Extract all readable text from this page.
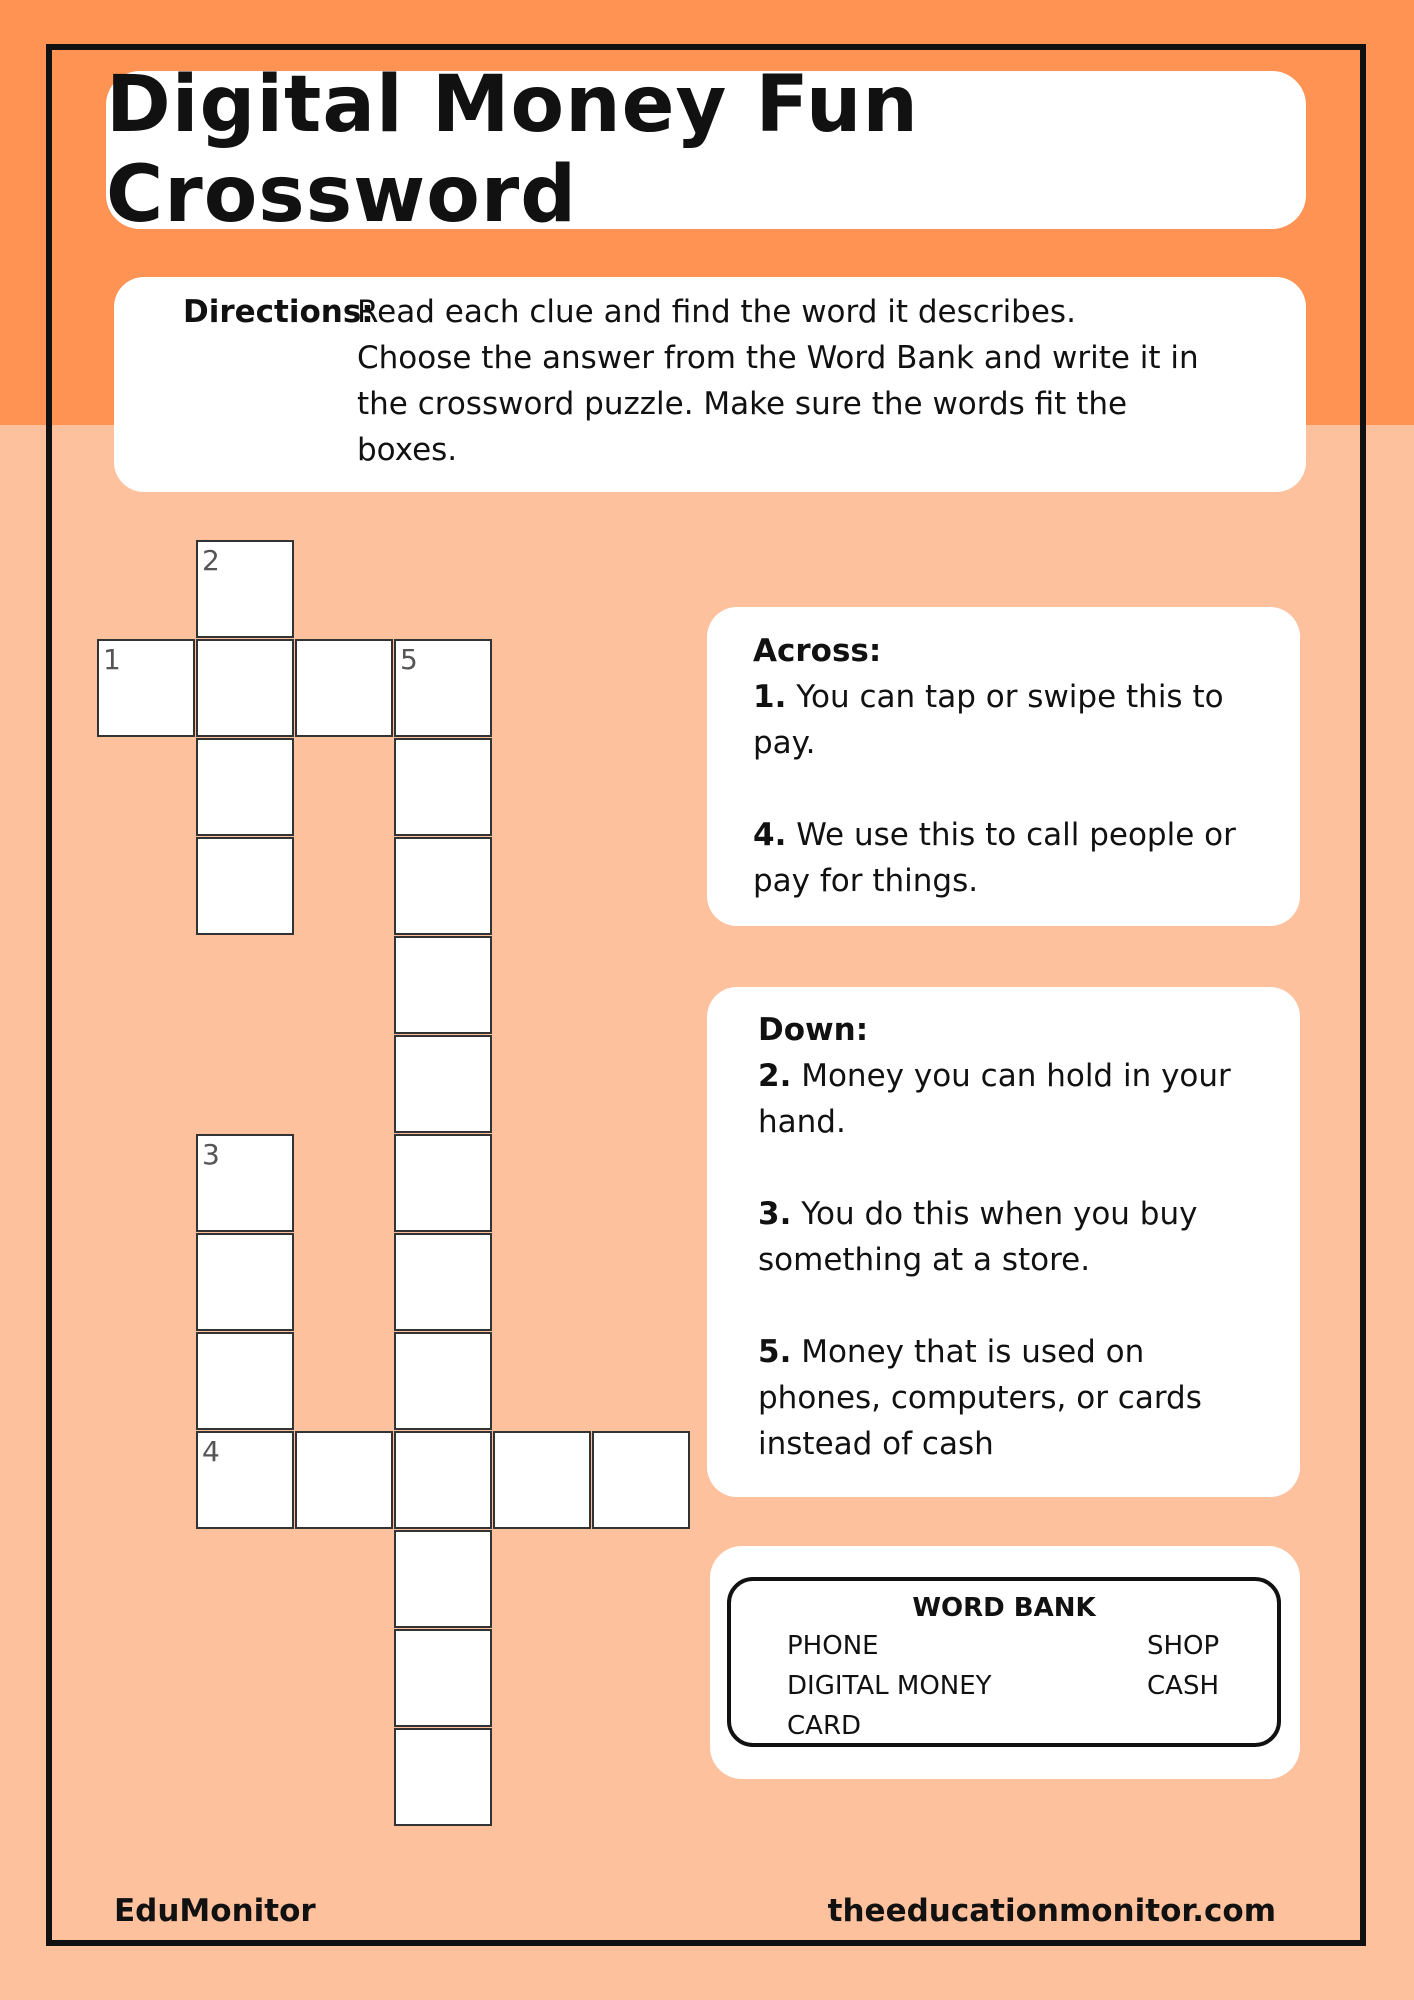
Digital Money Fun Crossword
Directions:
Read each clue and find the word it describes.
Choose the answer from the Word Bank and write it in
the crossword puzzle. Make sure the words fit the
boxes.
2
1	5
3
4

Across:

1. You can tap or swipe this to

pay.

4. We use this to call people or

pay for things.

Down:

2. Money you can hold in your

hand.

3. You do this when you buy

something at a store.

5. Money that is used on

phones, computers, or cards

instead of cash

WORD BANK
PHONE	SHOP
DIGITAL MONEY	CASH
CARD
EduMonitor	theeducationmonitor.com
